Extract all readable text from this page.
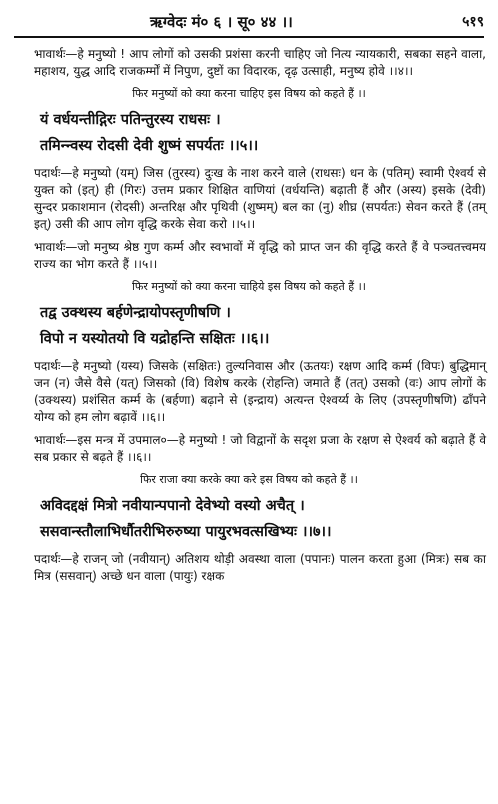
ऋग्वेदः मं० ६ । सू० ४४ ।।	५१९

भावार्थः—हे मनुष्यो ! आप लोगों को उसकी प्रशंसा करनी चाहिए जो नित्य न्यायकारी, सबका सहने वाला, महाशय, युद्ध आदि राजकर्म्मों में निपुण, दुष्टों का विदारक, दृढ़ उत्साही, मनुष्य होवे ।।४।।

फिर मनुष्यों को क्या करना चाहिए इस विषय को कहते हैं ।।

यं वर्धयन्तीद्गिरः पतिन्तुरस्य राधसः ।
तमिन्न्वस्य रोदसी देवी शुष्मं सपर्यतः ।।५।।

पदार्थः—हे मनुष्यो (यम्) जिस (तुरस्य) दुःख के नाश करने वाले (राधसः) धन के (पतिम्) स्वामी ऐश्वर्य से युक्त को (इत्) ही (गिरः) उत्तम प्रकार शिक्षित वाणियां (वर्धयन्ति) बढ़ाती हैं और (अस्य) इसके (देवी) सुन्दर प्रकाशमान (रोदसी) अन्तरिक्ष और पृथिवी (शुष्मम्) बल का (नु) शीघ्र (सपर्यतः) सेवन करते हैं (तम् इत्) उसी की आप लोग वृद्धि करके सेवा करो ।।५।।

भावार्थः—जो मनुष्य श्रेष्ठ गुण कर्म्म और स्वभावों में वृद्धि को प्राप्त जन की वृद्धि करते हैं वे पञ्चतत्त्वमय राज्य का भोग करते हैं ।।५।।

फिर मनुष्यों को क्या करना चाहिये इस विषय को कहते हैं ।।

तद्व उक्थस्य बर्हणेन्द्रायोपस्तृणीषणि ।
विपो न यस्योतयो वि यद्रोहन्ति सक्षितः ।।६।।

पदार्थः—हे मनुष्यो (यस्य) जिसके (सक्षितः) तुल्यनिवास और (ऊतयः) रक्षण आदि कर्म्म (विपः) बुद्धिमान् जन (न) जैसे वैसे (यत्) जिसको (वि) विशेष करके (रोहन्ति) जमाते हैं (तत्) उसको (वः) आप लोगों के (उक्थस्य) प्रशंसित कर्म्म के (बर्हणा) बढ़ाने से (इन्द्राय) अत्यन्त ऐश्वर्य्य के लिए (उपस्तृणीषणि) ढाँपने योग्य को हम लोग बढ़ावें ।।६।।

भावार्थः—इस मन्त्र में उपमाल०—हे मनुष्यो ! जो विद्वानों के सदृश प्रजा के रक्षण से ऐश्वर्य को बढ़ाते हैं वे सब प्रकार से बढ़ते हैं ।।६।।

फिर राजा क्या करके क्या करे इस विषय को कहते हैं ।।

अविदद्दक्षं मित्रो नवीयान्पपानो देवेभ्यो वस्यो अचैत् ।
ससवान्स्तौलाभिर्धौतरीभिरुरुष्या पायुरभवत्सखिभ्यः ।।७।।

पदार्थः—हे राजन् जो (नवीयान्) अतिशय थोड़ी अवस्था वाला (पपानः) पालन करता हुआ (मित्रः) सब का मित्र (ससवान्) अच्छे धन वाला (पायुः) रक्षक
